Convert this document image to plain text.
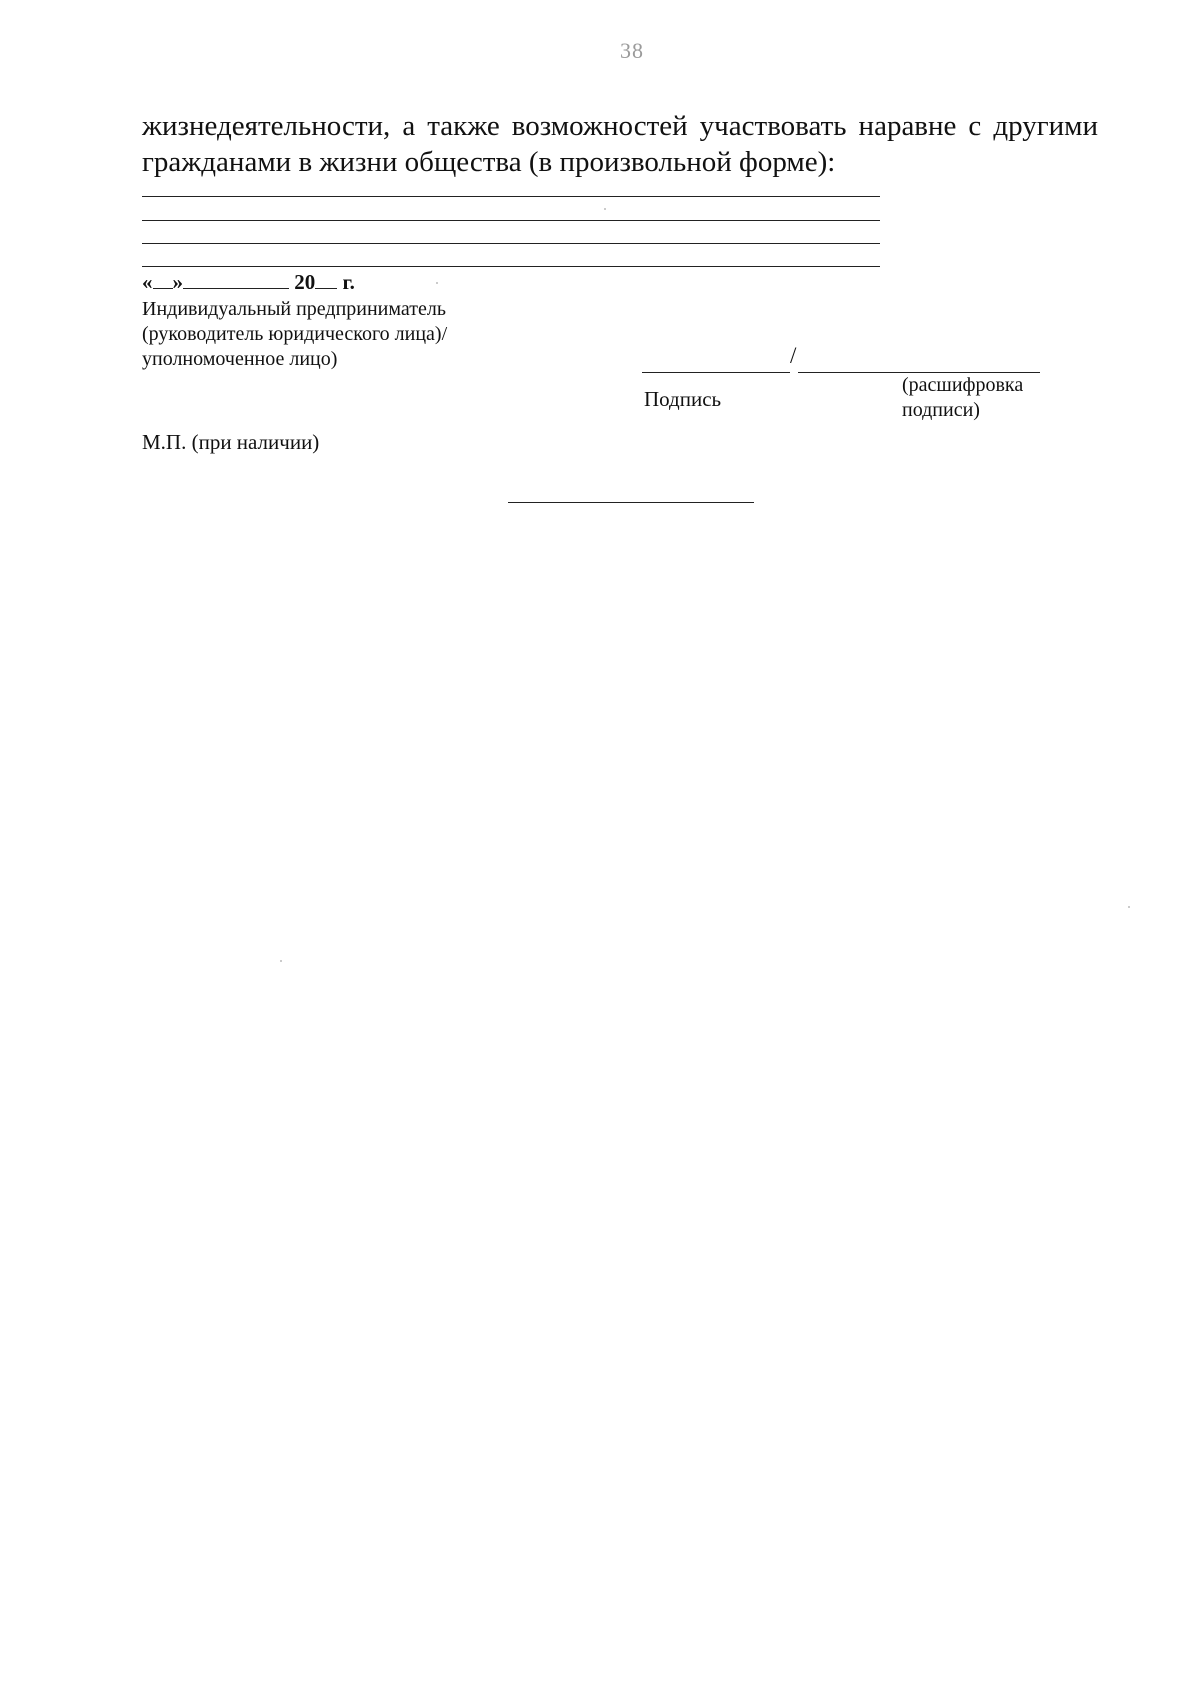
38
жизнедеятельности, а также возможностей участвовать наравне с другими
гражданами в жизни общества (в произвольной форме):
« »	20 г.
Индивидуальный предприниматель
(руководитель юридического лица)/
уполномоченное лицо)	/
Подпись
(расшифровка
подписи)
М.П. (при наличии)
